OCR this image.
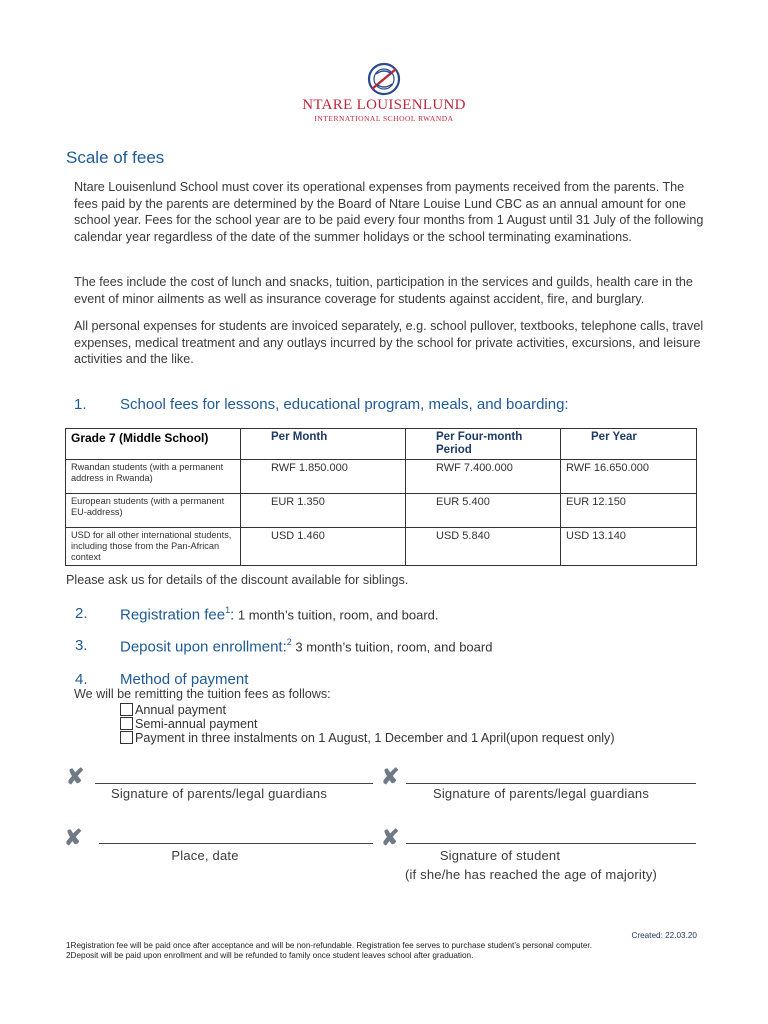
NTARE LOUISENLUND
INTERNATIONAL SCHOOL RWANDA
Scale of fees
Ntare Louisenlund School must cover its operational expenses from payments received from the parents. The fees paid by the parents are determined by the Board of Ntare Louise Lund CBC as an annual amount for one school year. Fees for the school year are to be paid every four months from 1 August until 31 July of the following calendar year regardless of the date of the summer holidays or the school terminating examinations.
The fees include the cost of lunch and snacks, tuition, participation in the services and guilds, health care in the event of minor ailments as well as insurance coverage for students against accident, fire, and burglary.
All personal expenses for students are invoiced separately, e.g. school pullover, textbooks, telephone calls, travel expenses, medical treatment and any outlays incurred by the school for private activities, excursions, and leisure activities and the like.
1. School fees for lessons, educational program, meals, and boarding:
Grade 7 (Middle School)	Per Month	Per Four-month Period	Per Year
Rwandan students (with a permanent address in Rwanda)	RWF 1.850.000	RWF 7.400.000	RWF 16.650.000
European students (with a permanent EU-address)	EUR 1.350	EUR 5.400	EUR 12.150
USD for all other international students, including those from the Pan-African context	USD 1.460	USD 5.840	USD 13.140
Please ask us for details of the discount available for siblings.
2. Registration fee$^1$: 1 month’s tuition, room, and board.
3. Deposit upon enrollment:$^2$ 3 month’s tuition, room, and board
4. Method of payment
We will be remitting the tuition fees as follows:
Annual payment
Semi-annual payment
Payment in three instalments on 1 August, 1 December and 1 April(upon request only)
✘
Signature of parents/legal guardians
✘
Signature of parents/legal guardians
✘
Place, date
✘
Signature of student
(if she/he has reached the age of majority)
Created: 22.03.20
1Registration fee will be paid once after acceptance and will be non-refundable. Registration fee serves to purchase student’s personal computer.
2Deposit will be paid upon enrollment and will be refunded to family once student leaves school after graduation.
